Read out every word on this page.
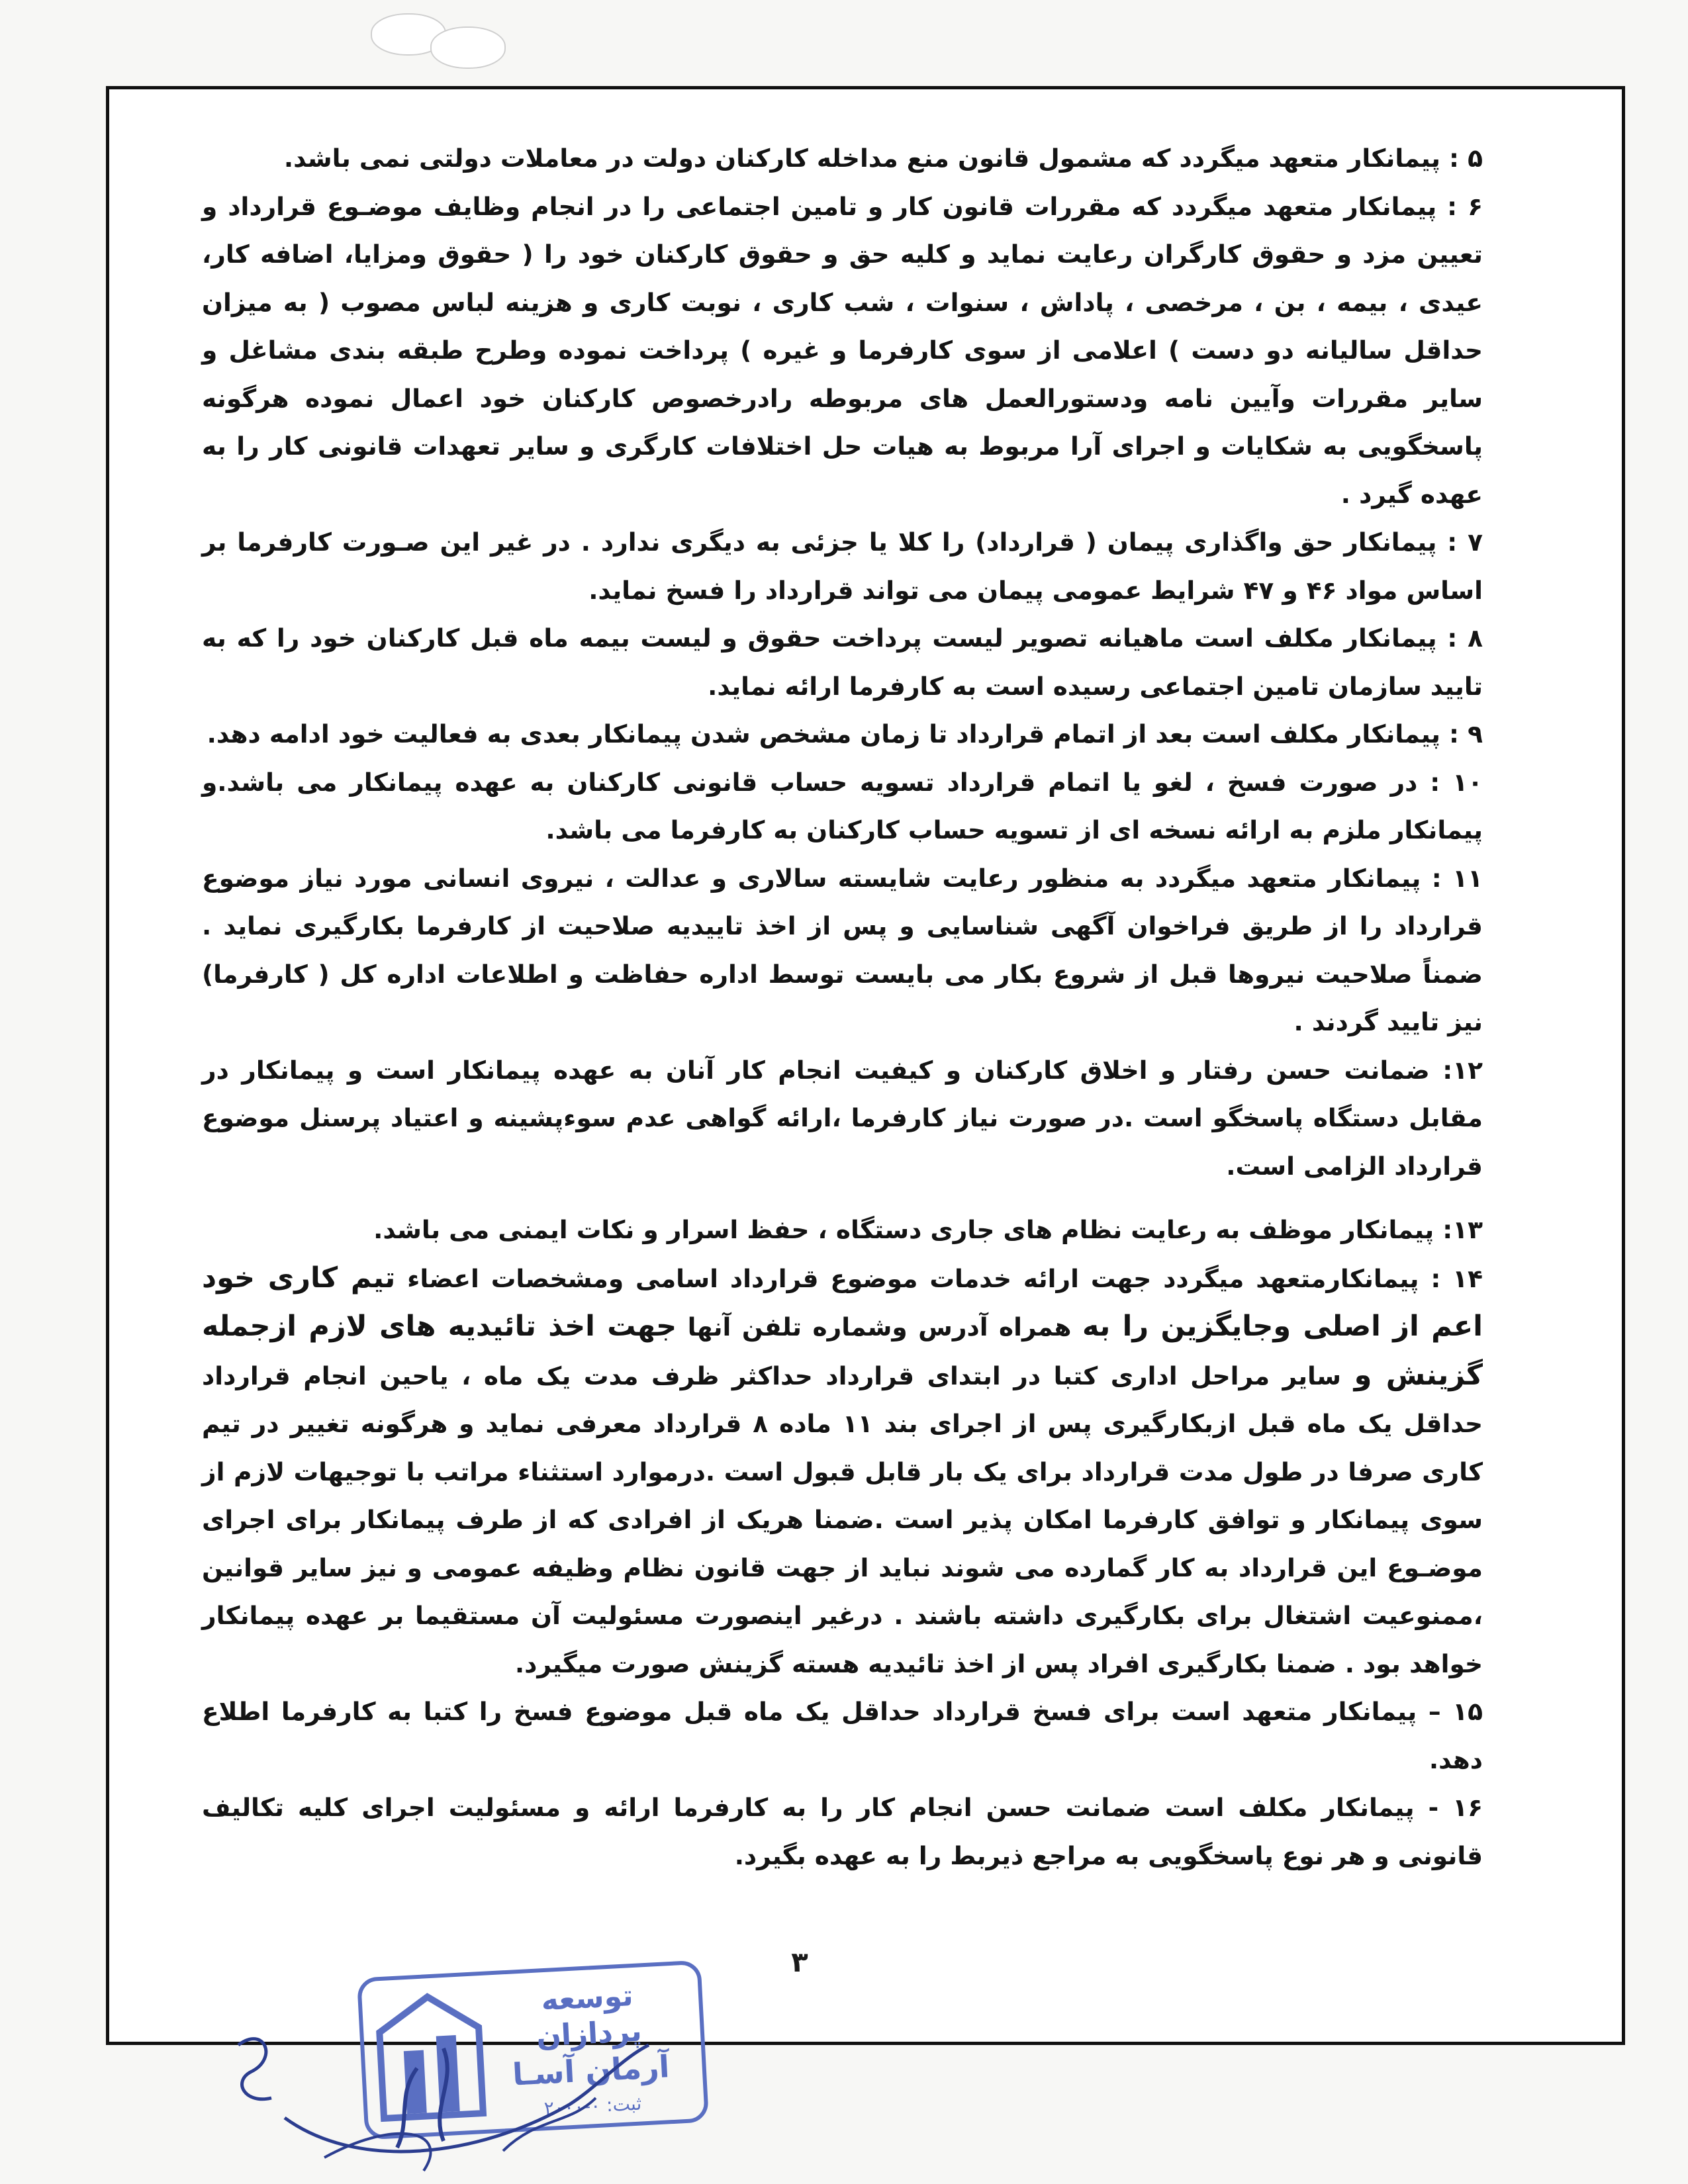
۵ : پیمانکار متعهد میگردد که مشمول قانون منع مداخله کارکنان دولت در معاملات دولتی نمی باشد.

۶ : پیمانکار متعهد میگردد که مقررات قانون کار و تامین اجتماعی را در انجام وظایف موضـوع قرارداد و تعیین مزد و حقوق کارگران رعایت نماید و کلیه حق و حقوق کارکنان خود را ( حقوق ومزایا، اضافه کار، عیدی ، بیمه ، بن ، مرخصی ، پاداش ، سنوات ، شب کاری ، نوبت کاری و هزینه لباس مصوب ( به میزان حداقل سالیانه دو دست ) اعلامی از سوی کارفرما و غیره ) پرداخت نموده وطرح طبقه بندی مشاغل و سایر مقررات وآیین نامه ودستورالعمل های مربوطه رادرخصوص کارکنان خود اعمال نموده هرگونه پاسخگویی به شکایات و اجرای آرا مربوط به هیات حل اختلافات کارگری و سایر تعهدات قانونی کار را به عهده گیرد .

۷ : پیمانکار حق واگذاری پیمان ( قرارداد) را کلا یا جزئی به دیگری ندارد . در غیر این صـورت کارفرما بر اساس مواد ۴۶ و ۴۷ شرایط عمومی پیمان می تواند قرارداد را فسخ نماید.

۸ : پیمانکار مکلف است ماهیانه تصویر لیست پرداخت حقوق و لیست بیمه ماه قبل کارکنان خود را که به تایید سازمان تامین اجتماعی رسیده است به کارفرما ارائه نماید.

۹ : پیمانکار مکلف است بعد از اتمام قرارداد تا زمان مشخص شدن پیمانکار بعدی به فعالیت خود ادامه دهد.

۱۰ : در صورت فسخ ، لغو یا اتمام قرارداد تسویه حساب قانونی کارکنان به عهده پیمانکار می باشد.و پیمانکار ملزم به ارائه نسخه ای از تسویه حساب کارکنان به کارفرما می باشد.

۱۱ : پیمانکار متعهد میگردد به منظور رعایت شایسته سالاری و عدالت ، نیروی انسانی مورد نیاز موضوع قرارداد را از طریق فراخوان آگهی شناسایی و پس از اخذ تاییدیه صلاحیت از کارفرما بکارگیری نماید . ضمناً صلاحیت نیروها قبل از شروع بکار می بایست توسط اداره حفاظت و اطلاعات اداره کل ( کارفرما) نیز تایید گردند .

۱۲: ضمانت حسن رفتار و اخلاق کارکنان و کیفیت انجام کار آنان به عهده پیمانکار است و پیمانکار در مقابل دستگاه پاسخگو است .در صورت نیاز کارفرما ،ارائه گواهی عدم سوءپشینه و اعتیاد پرسنل موضوع قرارداد الزامی است.

۱۳: پیمانکار موظف به رعایت نظام های جاری دستگاه ، حفظ اسرار و نکات ایمنی می باشد.

۱۴ : پیمانکارمتعهد میگردد جهت ارائه خدمات موضوع قرارداد اسامی ومشخصات اعضاء تیم کاری خود اعم از اصلی وجایگزین را به همراه آدرس وشماره تلفن آنها جهت اخذ تائیدیه های لازم ازجمله گزینش و سایر مراحل اداری کتبا در ابتدای قرارداد حداکثر ظرف مدت یک ماه ، یاحین انجام قرارداد حداقل یک ماه قبل ازبکارگیری پس از اجرای بند ۱۱ ماده ۸ قرارداد معرفی نماید و هرگونه تغییر در تیم کاری صرفا در طول مدت قرارداد برای یک بار قابل قبول است .درموارد استثناء مراتب با توجیهات لازم از سوی پیمانکار و توافق کارفرما امکان پذیر است .ضمنا هریک از افرادی که از طرف پیمانکار برای اجرای موضـوع این قرارداد به کار گمارده می شوند نباید از جهت قانون نظام وظیفه عمومی و نیز سایر قوانین ،ممنوعیت اشتغال برای بکارگیری داشته باشند . درغیر اینصورت مسئولیت آن مستقیما بر عهده پیمانکار خواهد بود . ضمنا بکارگیری افراد پس از اخذ تائیدیه هسته گزینش صورت میگیرد.

۱۵ – پیمانکار متعهد است برای فسخ قرارداد حداقل یک ماه قبل موضوع فسخ را کتبا به کارفرما اطلاع دهد.

۱۶ - پیمانکار مکلف است ضمانت حسن انجام کار را به کارفرما ارائه و مسئولیت اجرای کلیه تکالیف قانونی و هر نوع پاسخگویی به مراجع ذیربط را به عهده بگیرد.

۳
توسعه پردازان
آرمان آسـا
ثبت: ۰-۲۰۰۰
